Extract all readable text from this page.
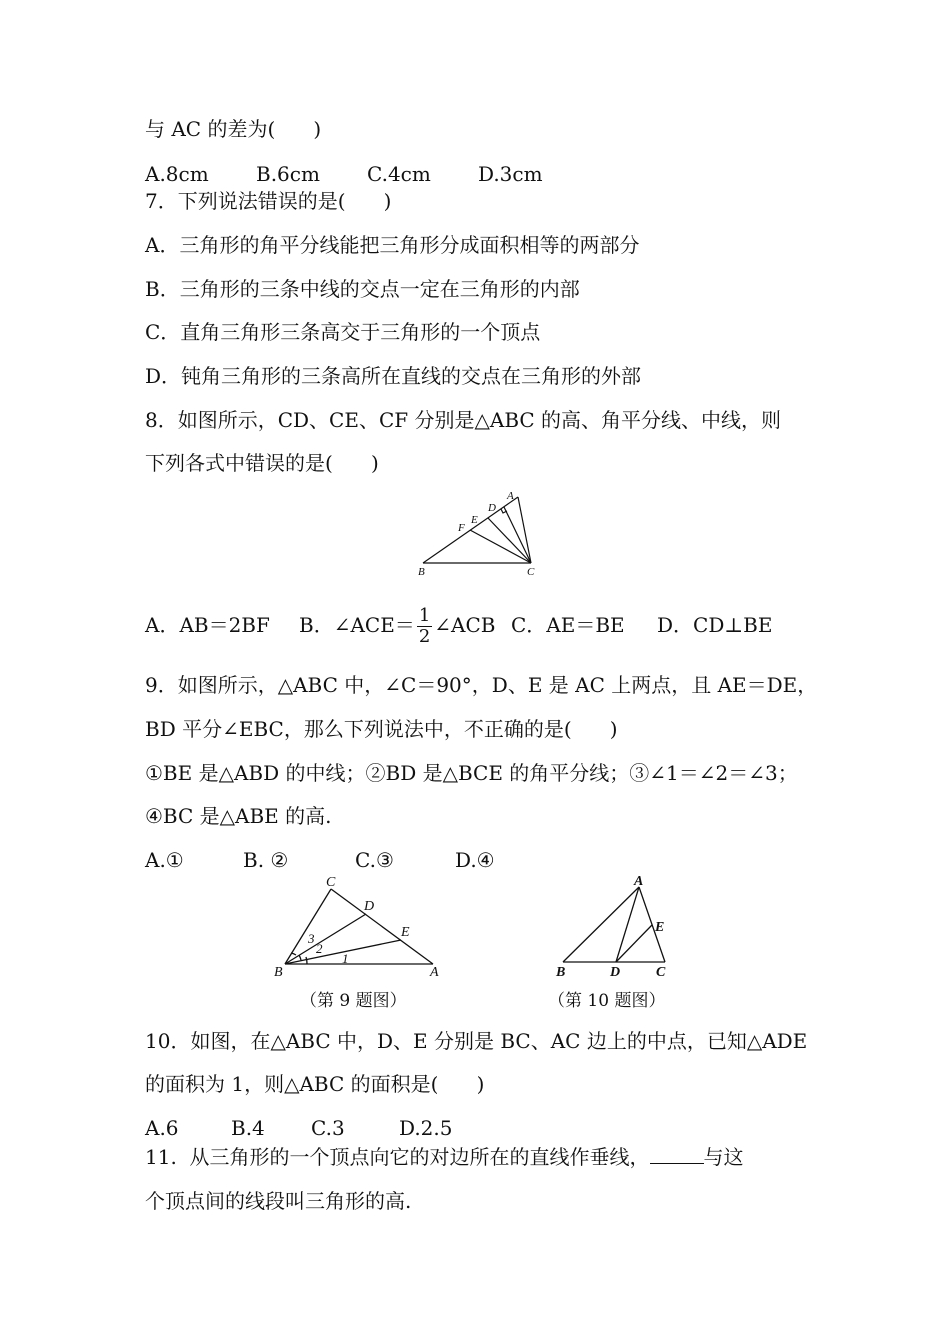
与 AC 的差为(      )
A.8cm B.6cm C.4cm D.3cm
7．下列说法错误的是(      )
A．三角形的角平分线能把三角形分成面积相等的两部分
B．三角形的三条中线的交点一定在三角形的内部
C．直角三角形三条高交于三角形的一个顶点
D．钝角三角形的三条高所在直线的交点在三角形的外部
8．如图所示，CD、CE、CF 分别是△ABC 的高、角平分线、中线，则
下列各式中错误的是(      )
A
B	C
D
E
F
A．AB＝2BF B．∠ACE＝ $\frac{1}{2}$ ∠ACB C．AE＝BE D．CD⊥BE
9．如图所示，△ABC 中，∠C＝90°，D、E 是 AC 上两点，且 AE＝DE，
BD 平分∠EBC，那么下列说法中，不正确的是(      )
①BE 是△ABD 的中线；②BD 是△BCE 的角平分线；③∠1＝∠2＝∠3；
④BC 是△ABE 的高.
A.①	B. ②	C.③	D.④
C
D
E
B	A
1
2
3
（第 9 题图）
A
E
B	D	C
（第 10 题图）
10．如图，在△ABC 中，D、E 分别是 BC、AC 边上的中点，已知△ADE
的面积为 1，则△ABC 的面积是(      )
A.6	B.4 C.3	D.2.5
11.  从三角形的一个顶点向它的对边所在的直线作垂线，	与这
个顶点间的线段叫三角形的高.
